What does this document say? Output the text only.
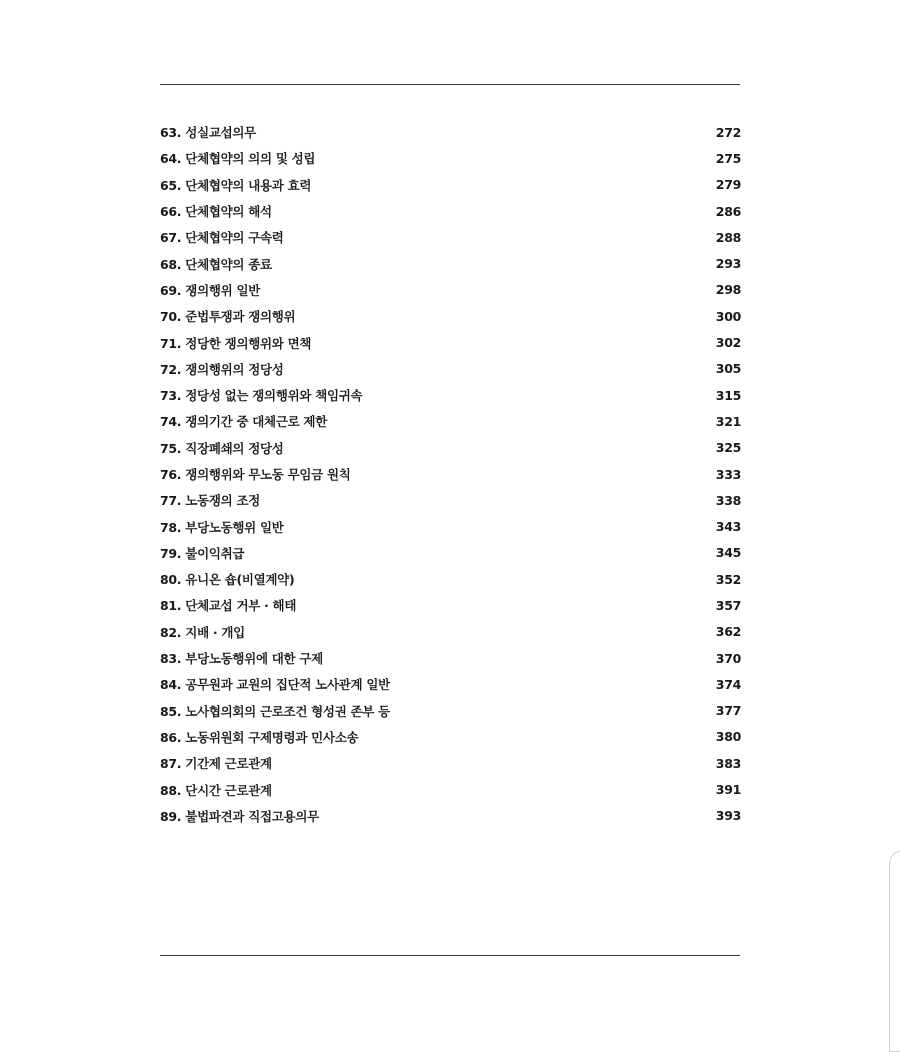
63. 성실교섭의무	272
64. 단체협약의 의의 및 성립	275
65. 단체협약의 내용과 효력	279
66. 단체협약의 해석	286
67. 단체협약의 구속력	288
68. 단체협약의 종료	293
69. 쟁의행위 일반	298
70. 준법투쟁과 쟁의행위	300
71. 정당한 쟁의행위와 면책	302
72. 쟁의행위의 정당성	305
73. 정당성 없는 쟁의행위와 책임귀속	315
74. 쟁의기간 중 대체근로 제한	321
75. 직장폐쇄의 정당성	325
76. 쟁의행위와 무노동 무임금 원칙	333
77. 노동쟁의 조정	338
78. 부당노동행위 일반	343
79. 불이익취급	345
80. 유니온 숍(비열계약)	352
81. 단체교섭 거부 · 해태	357
82. 지배 · 개입	362
83. 부당노동행위에 대한 구제	370
84. 공무원과 교원의 집단적 노사관계 일반	374
85. 노사협의회의 근로조건 형성권 존부 등	377
86. 노동위원회 구제명령과 민사소송	380
87. 기간제 근로관계	383
88. 단시간 근로관계	391
89. 불법파견과 직접고용의무	393
